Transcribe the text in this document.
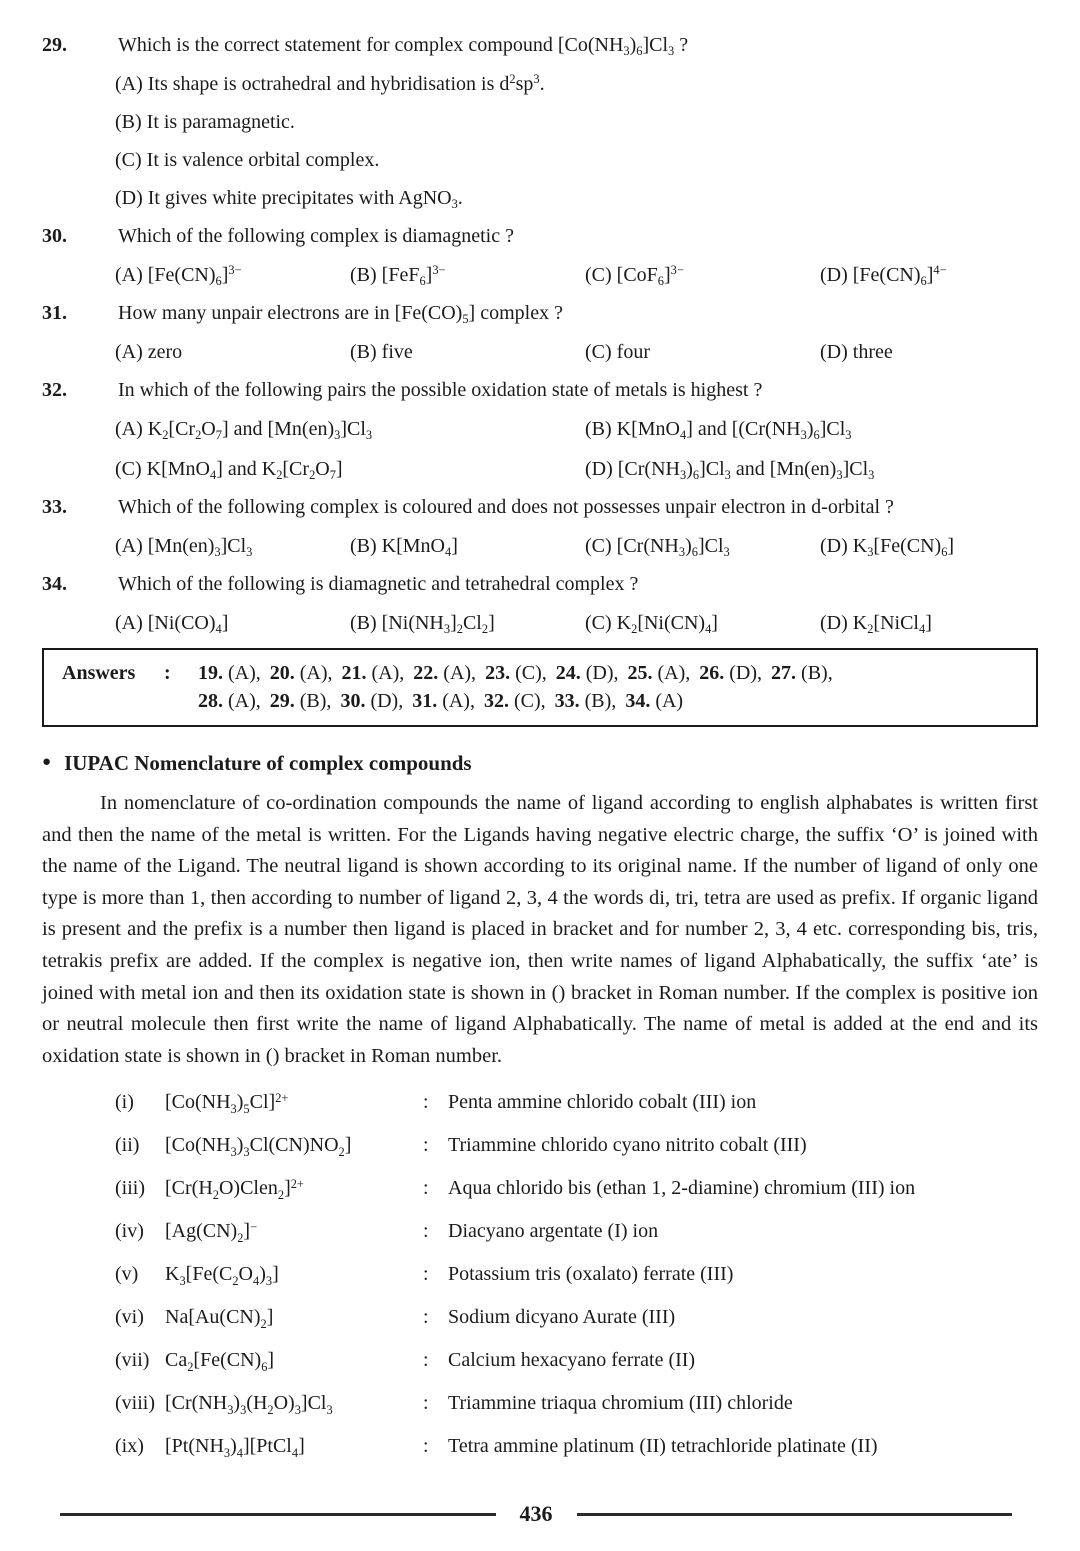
29.	Which is the correct statement for complex compound $[Co(NH_3)_6]Cl_3$ ?
(A) Its shape is octrahedral and hybridisation is $d^2sp^3$.
(B) It is paramagnetic.
(C) It is valence orbital complex.
(D) It gives white precipitates with AgNO$_3$.
30.	Which of the following complex is diamagnetic ?
(A) $[Fe(CN)_6]^{3-}$	(B) $[FeF_6]^{3-}$	(C) $[CoF_6]^{3-}$	(D) $[Fe(CN)_6]^{4-}$
31.	How many unpair electrons are in $[Fe(CO)_5]$ complex ?
(A) zero	(B) five	(C) four	(D) three
32.	In which of the following pairs the possible oxidation state of metals is highest ?
(A) $K_2[Cr_2O_7]$ and $[Mn(en)_3]Cl_3$	(B) K[MnO$_4$] and [$(Cr(NH_3)_6]Cl_3$
(C) K[MnO$_4$] and $K_2[Cr_2O_7]$	(D) $[Cr(NH_3)_6]Cl_3$ and $[Mn(en)_3]Cl_3$
33.	Which of the following complex is coloured and does not possesses unpair electron in d-orbital ?
(A) $[Mn(en)_3]Cl_3$	(B) K[MnO$_4$]	(C) $[Cr(NH_3)_6]Cl_3$	(D) $K_3[Fe(CN)_6]$
34.	Which of the following is diamagnetic and tetrahedral complex ?
(A) $[Ni(CO)_4]$	(B) $[Ni(NH_3]_2Cl_2]$	(C) $K_2[Ni(CN)_4]$	(D) $K_2[NiCl_4]$
Answers	:	19. (A), 20. (A), 21. (A), 22. (A), 23. (C), 24. (D), 25. (A), 26. (D), 27. (B),
28. (A), 29. (B), 30. (D), 31. (A), 32. (C), 33. (B), 34. (A)
● IUPAC Nomenclature of complex compounds

In nomenclature of co-ordination compounds the name of ligand according to english alphabates is written first and then the name of the metal is written. For the Ligands having negative electric charge, the suffix ‘O’ is joined with the name of the Ligand. The neutral ligand is shown according to its original name. If the number of ligand of only one type is more than 1, then according to number of ligand 2, 3, 4 the words di, tri, tetra are used as prefix. If organic ligand is present and the prefix is a number then ligand is placed in bracket and for number 2, 3, 4 etc. corresponding bis, tris, tetrakis prefix are added. If the complex is negative ion, then write names of ligand Alphabatically, the suffix ‘ate’ is joined with metal ion and then its oxidation state is shown in () bracket in Roman number. If the complex is positive ion or neutral molecule then first write the name of ligand Alphabatically. The name of metal is added at the end and its oxidation state is shown in () bracket in Roman number.

(i)	$[Co(NH_3)_5Cl]^{2+}$	: Penta ammine chlorido cobalt (III) ion
(ii)	$[Co(NH_3)_3Cl(CN)NO_2]$	: Triammine chlorido cyano nitrito cobalt (III)
(iii)	$[Cr(H_2O)Clen_2]^{2+}$	: Aqua chlorido bis (ethan 1, 2-diamine) chromium (III) ion
(iv)	$[Ag(CN)_2]^-$	: Diacyano argentate (I) ion
(v)	$K_3[Fe(C_2O_4)_3]$	: Potassium tris (oxalato) ferrate (III)
(vi)	$Na[Au(CN)_2]$	: Sodium dicyano Aurate (III)
(vii) $Ca_2[Fe(CN)_6]$	: Calcium hexacyano ferrate (II)
(viii) $[Cr(NH_3)_3(H_2O)_3]Cl_3$	: Triammine triaqua chromium (III) chloride
(ix)	$[Pt(NH_3)_4][PtCl_4]$	: Tetra ammine platinum (II) tetrachloride platinate (II)
436
